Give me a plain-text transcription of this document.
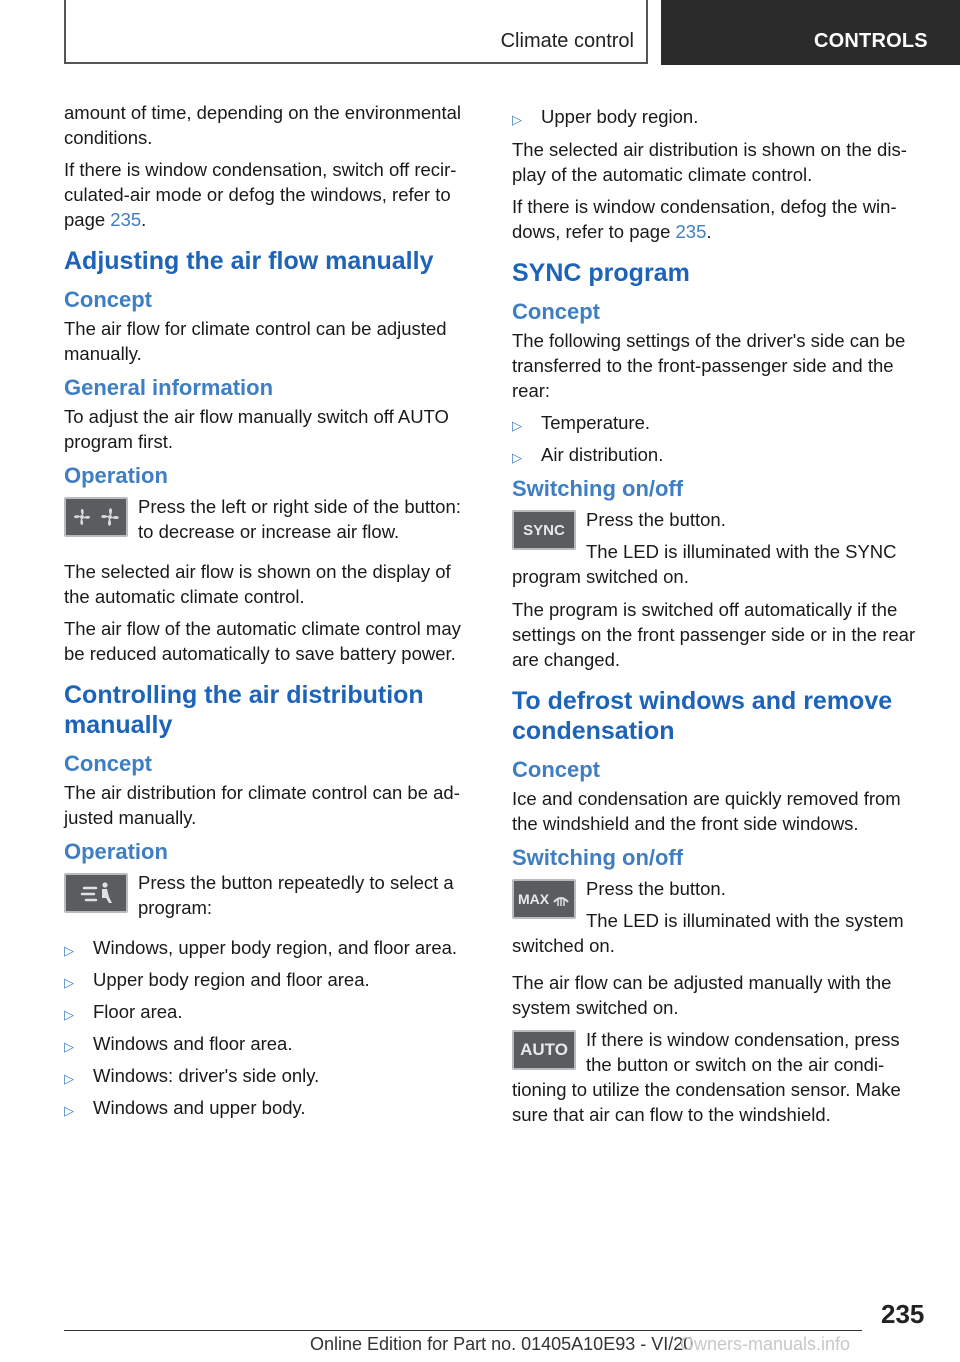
Climate control	CONTROLS

amount of time, depending on the environmental conditions.

If there is window condensation, switch off recir‐culated-air mode or defog the windows, refer to page 235.

Adjusting the air flow manually
Concept

The air flow for climate control can be adjusted manually.

General information

To adjust the air flow manually switch off AUTO program first.

Operation

Press the left or right side of the button: to decrease or increase air flow.

The selected air flow is shown on the display of the automatic climate control.

The air flow of the automatic climate control may be reduced automatically to save battery power.

Controlling the air distribution manually
Concept

The air distribution for climate control can be ad‐justed manually.

Operation

Press the button repeatedly to select a program:

▷ Windows, upper body region, and floor area.
▷ Upper body region and floor area.
▷ Floor area.
▷ Windows and floor area.
▷ Windows: driver's side only.
▷ Windows and upper body.
▷ Upper body region.

The selected air distribution is shown on the dis‐play of the automatic climate control.

If there is window condensation, defog the win‐dows, refer to page 235.

SYNC program
Concept

The following settings of the driver's side can be transferred to the front-passenger side and the rear:

▷ Temperature.
▷ Air distribution.
Switching on/off
SYNC	Press the button.

The LED is illuminated with the SYNC program switched on.

The program is switched off automatically if the settings on the front passenger side or in the rear are changed.

To defrost windows and remove condensation
Concept

Ice and condensation are quickly removed from the windshield and the front side windows.

Switching on/off
MAX	Press the button.

The LED is illuminated with the system switched on.

The air flow can be adjusted manually with the system switched on.

AUTO If there is window condensation, press the button or switch on the air condi‐tioning to utilize the condensation sensor. Make sure that air can flow to the windshield.

235
Online Edition for Part no. 01405A10E93 - VI/20
Owners-manuals.info
